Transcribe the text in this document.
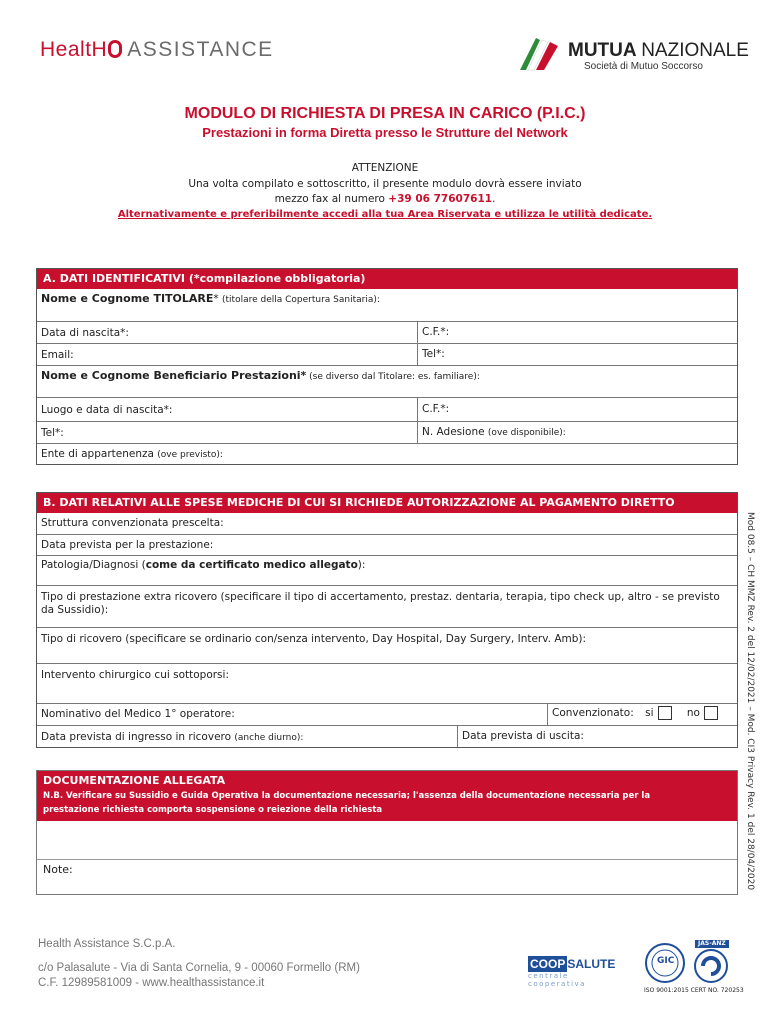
HealtH ASSISTANCE	MUTUA NAZIONALE
Società di Mutuo Soccorso
MODULO DI RICHIESTA DI PRESA IN CARICO (P.I.C.)
Prestazioni in forma Diretta presso le Strutture del Network
ATTENZIONE
Una volta compilato e sottoscritto, il presente modulo dovrà essere inviato
mezzo fax al numero +39 06 77607611.
Alternativamente e preferibilmente accedi alla tua Area Riservata e utilizza le utilità dedicate.
A. DATI IDENTIFICATIVI (*compilazione obbligatoria)
Nome e Cognome TITOLARE* (titolare della Copertura Sanitaria):
Data di nascita*:	C.F.*:
Email:	Tel*:
Nome e Cognome Beneficiario Prestazioni* (se diverso dal Titolare: es. familiare):
Luogo e data di nascita*:	C.F.*:
Tel*:	N. Adesione (ove disponibile):
Ente di appartenenza (ove previsto):
B. DATI RELATIVI ALLE SPESE MEDICHE DI CUI SI RICHIEDE AUTORIZZAZIONE AL PAGAMENTO DIRETTO
Struttura convenzionata prescelta:
Data prevista per la prestazione:
Patologia/Diagnosi (come da certificato medico allegato):
Tipo di prestazione extra ricovero (specificare il tipo di accertamento, prestaz. dentaria, terapia, tipo check up, altro - se previsto da Sussidio):
Tipo di ricovero (specificare se ordinario con/senza intervento, Day Hospital, Day Surgery, Interv. Amb):
Intervento chirurgico cui sottoporsi:
Nominativo del Medico 1° operatore:	Convenzionato: si	no
Data prevista di ingresso in ricovero (anche diurno):	Data prevista di uscita:
DOCUMENTAZIONE ALLEGATA
N.B. Verificare su Sussidio e Guida Operativa la documentazione necessaria; l'assenza della documentazione necessaria per la
prestazione richiesta comporta sospensione o reiezione della richiesta
Note:	Mod 08.5 – CH MMZ Rev. 2 del 12/02/2021 – Mod. CI3 Privacy Rev. 1 del 28/04/2020
Health Assistance S.C.p.A.
c/o Palasalute - Via di Santa Cornelia, 9 - 00060 Formello (RM)
C.F. 12989581009 - www.healthassistance.it
COOP SALUTE
centrale cooperativa
GIC
JAS-ANZ
ISO 9001:2015 CERT NO. 720253
